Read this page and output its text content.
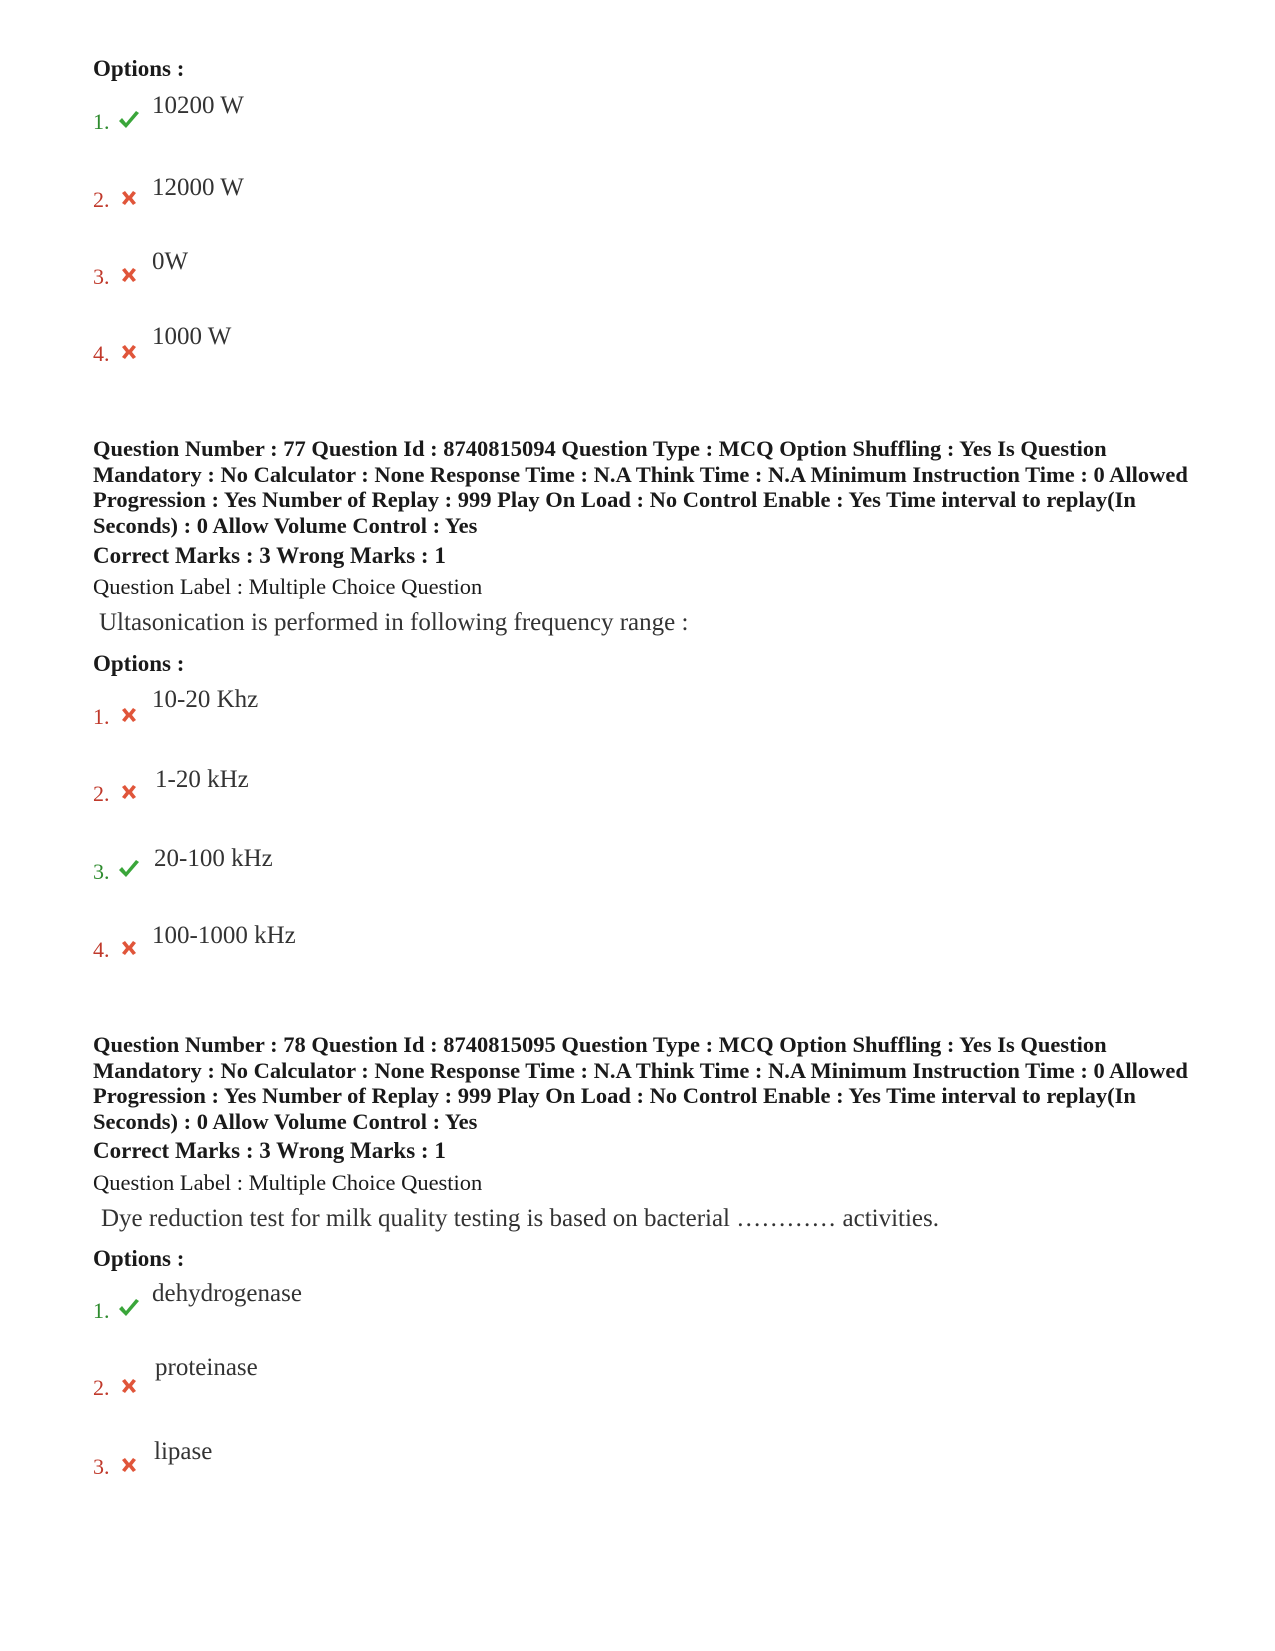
Options :

1.
10200 W
2. 12000 W
3.
0W
4.
1000 W

Question Number : 77 Question Id : 8740815094 Question Type : MCQ Option Shuffling : Yes Is Question Mandatory : No Calculator : None Response Time : N.A Think Time : N.A Minimum Instruction Time : 0 Allowed Progression : Yes Number of Replay : 999 Play On Load : No Control Enable : Yes Time interval to replay(In Seconds) : 0 Allow Volume Control : Yes

Correct Marks : 3 Wrong Marks : 1
Question Label : Multiple Choice Question
Ultasonication is performed in following frequency range :

Options :

1.
10-20 Khz
2.
1-20 kHz
3. 20-100 kHz
4.
100-1000 kHz

Question Number : 78 Question Id : 8740815095 Question Type : MCQ Option Shuffling : Yes Is Question Mandatory : No Calculator : None Response Time : N.A Think Time : N.A Minimum Instruction Time : 0 Allowed Progression : Yes Number of Replay : 999 Play On Load : No Control Enable : Yes Time interval to replay(In Seconds) : 0 Allow Volume Control : Yes

Correct Marks : 3 Wrong Marks : 1
Question Label : Multiple Choice Question
Dye reduction test for milk quality testing is based on bacterial ………… activities.

Options :

1.
dehydrogenase
2.
proteinase
3.
lipase
